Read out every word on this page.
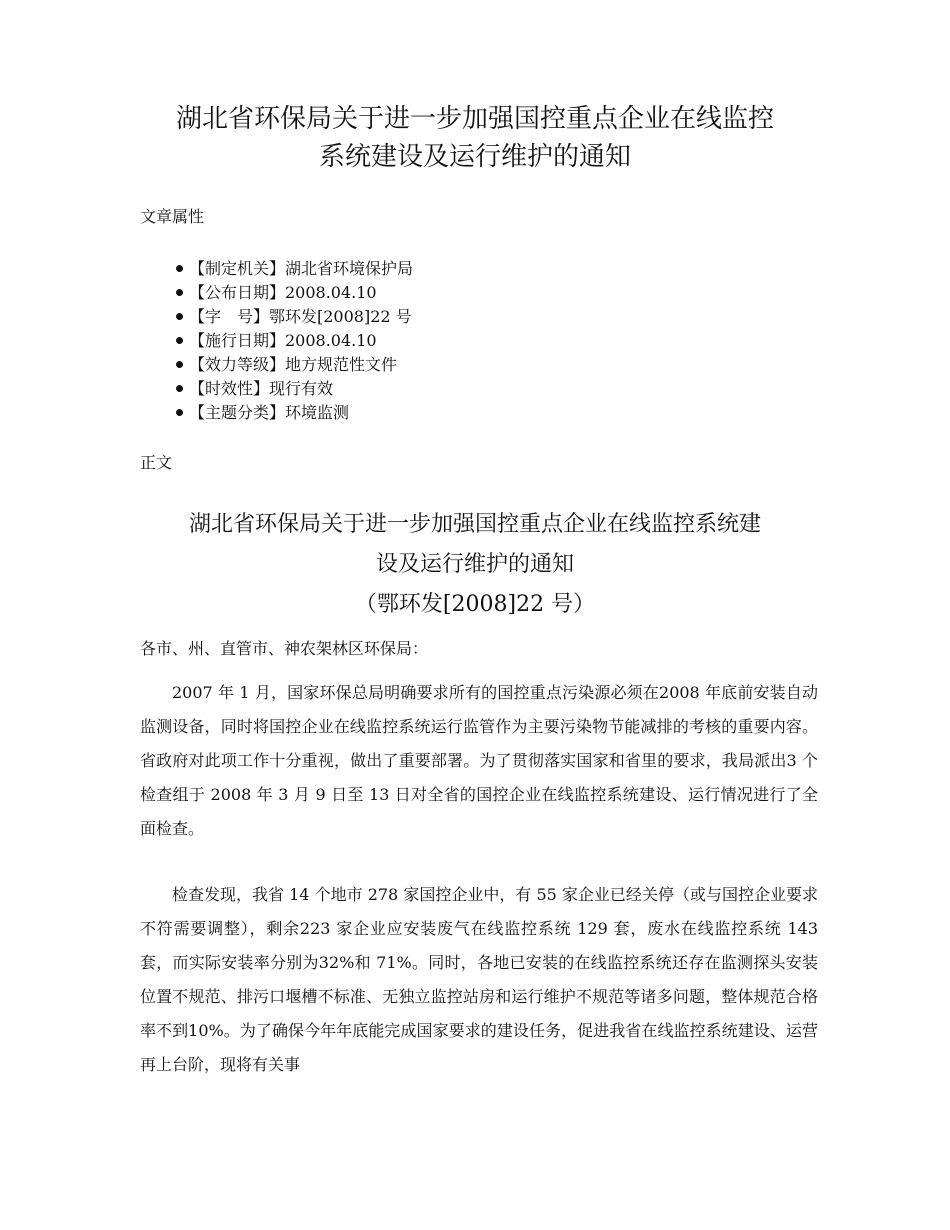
湖北省环保局关于进一步加强国控重点企业在线监控
系统建设及运行维护的通知

文章属性

【制定机关】湖北省环境保护局
【公布日期】2008.04.10
【字　号】鄂环发[2008]22 号
【施行日期】2008.04.10
【效力等级】地方规范性文件
【时效性】现行有效
【主题分类】环境监测

正文

湖北省环保局关于进一步加强国控重点企业在线监控系统建
设及运行维护的通知
（鄂环发[2008]22 号）

各市、州、直管市、神农架林区环保局：

2007 年 1 月，国家环保总局明确要求所有的国控重点污染源必须在2008 年底前安装自动监测设备，同时将国控企业在线监控系统运行监管作为主要污染物节能减排的考核的重要内容。省政府对此项工作十分重视，做出了重要部署。为了贯彻落实国家和省里的要求，我局派出3 个检查组于 2008 年 3 月 9 日至 13 日对全省的国控企业在线监控系统建设、运行情况进行了全面检查。

检查发现，我省 14 个地市 278 家国控企业中，有 55 家企业已经关停（或与国控企业要求不符需要调整），剩余223 家企业应安装废气在线监控系统 129 套，废水在线监控系统 143 套，而实际安装率分别为32%和 71%。同时，各地已安装的在线监控系统还存在监测探头安装位置不规范、排污口堰槽不标准、无独立监控站房和运行维护不规范等诸多问题，整体规范合格率不到10%。为了确保今年年底能完成国家要求的建设任务，促进我省在线监控系统建设、运营再上台阶，现将有关事
